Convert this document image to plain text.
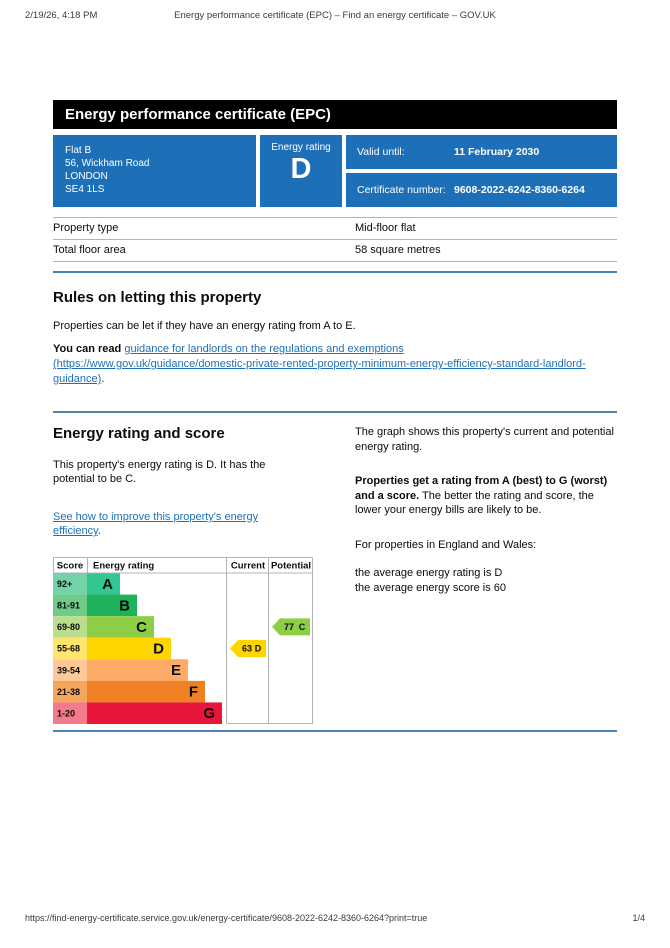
2/19/26, 4:18 PM	Energy performance certificate (EPC) – Find an energy certificate – GOV.UK
Energy performance certificate (EPC)
Flat B
56, Wickham Road
LONDON
SE4 1LS
Energy rating
D
Valid until:	11 February 2030
Certificate number: 9608-2022-6242-8360-6264
Property type	Mid-floor flat
Total floor area	58 square metres
Rules on letting this property

Properties can be let if they have an energy rating from A to E.

You can read guidance for landlords on the regulations and exemptions (https://www.gov.uk/guidance/domestic-private-rented-property-minimum-energy-efficiency-standard-landlord-guidance).

Energy rating and score

This property's energy rating is D. It has the potential to be C.

See how to improve this property's energy efficiency.
92+ A
81-91	B
69-80	C
55-68	D
39-54	E
21-38	F
1-20	G
Score Energy rating	Current Potential
63 D
77 C

The graph shows this property's current and potential energy rating.

Properties get a rating from A (best) to G (worst) and a score. The better the rating and score, the lower your energy bills are likely to be.

For properties in England and Wales:

the average energy rating is D
the average energy score is 60
https://find-energy-certificate.service.gov.uk/energy-certificate/9608-2022-6242-8360-6264?print=true	1/4
